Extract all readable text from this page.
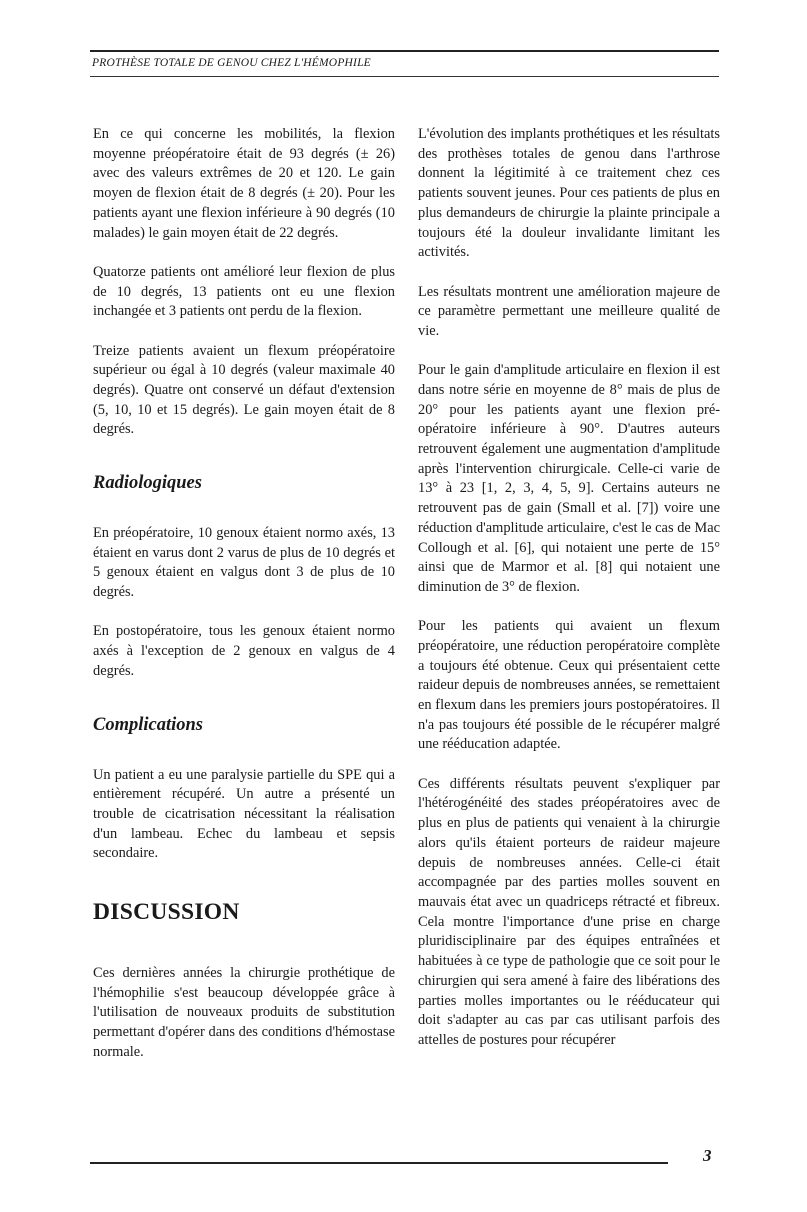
PROTHÈSE TOTALE DE GENOU CHEZ L'HÉMOPHILE

En ce qui concerne les mobilités, la flexion moyenne préopératoire était de 93 degrés (± 26) avec des valeurs extrêmes de 20 et 120. Le gain moyen de flexion était de 8 degrés (± 20). Pour les patients ayant une flexion inférieure à 90 degrés (10 malades) le gain moyen était de 22 degrés.

Quatorze patients ont amélioré leur flexion de plus de 10 degrés, 13 patients ont eu une flexion inchangée et 3 patients ont perdu de la flexion.

Treize patients avaient un flexum préopératoire supérieur ou égal à 10 degrés (valeur maximale 40 degrés). Quatre ont conservé un défaut d'extension (5, 10, 10 et 15 degrés). Le gain moyen était de 8 degrés.

Radiologiques

En préopératoire, 10 genoux étaient normo axés, 13 étaient en varus dont 2 varus de plus de 10 degrés et 5 genoux étaient en valgus dont 3 de plus de 10 degrés.

En postopératoire, tous les genoux étaient normo axés à l'exception de 2 genoux en valgus de 4 degrés.

Complications

Un patient a eu une paralysie partielle du SPE qui a entièrement récupéré. Un autre a présenté un trouble de cicatrisation nécessitant la réalisation d'un lambeau. Echec du lambeau et sepsis secondaire.

DISCUSSION

Ces dernières années la chirurgie prothétique de l'hémophilie s'est beaucoup développée grâce à l'utilisation de nouveaux produits de substitution permettant d'opérer dans des conditions d'hémostase normale.

L'évolution des implants prothétiques et les résultats des prothèses totales de genou dans l'arthrose donnent la légitimité à ce traitement chez ces patients souvent jeunes. Pour ces patients de plus en plus demandeurs de chirurgie la plainte principale a toujours été la douleur invalidante limitant les activités.

Les résultats montrent une amélioration majeure de ce paramètre permettant une meilleure qualité de vie.

Pour le gain d'amplitude articulaire en flexion il est dans notre série en moyenne de 8° mais de plus de 20° pour les patients ayant une flexion pré-opératoire inférieure à 90°. D'autres auteurs retrouvent également une augmentation d'amplitude après l'intervention chirurgicale. Celle-ci varie de 13° à 23 [1, 2, 3, 4, 5, 9]. Certains auteurs ne retrouvent pas de gain (Small et al. [7]) voire une réduction d'amplitude articulaire, c'est le cas de Mac Collough et al. [6], qui notaient une perte de 15° ainsi que de Marmor et al. [8] qui notaient une diminution de 3° de flexion.

Pour les patients qui avaient un flexum préopératoire, une réduction peropératoire complète a toujours été obtenue. Ceux qui présentaient cette raideur depuis de nombreuses années, se remettaient en flexum dans les premiers jours postopératoires. Il n'a pas toujours été possible de le récupérer malgré une rééducation adaptée.

Ces différents résultats peuvent s'expliquer par l'hétérogénéité des stades préopératoires avec de plus en plus de patients qui venaient à la chirurgie alors qu'ils étaient porteurs de raideur majeure depuis de nombreuses années. Celle-ci était accompagnée par des parties molles souvent en mauvais état avec un quadriceps rétracté et fibreux. Cela montre l'importance d'une prise en charge pluridisciplinaire par des équipes entraînées et habituées à ce type de pathologie que ce soit pour le chirurgien qui sera amené à faire des libérations des parties molles importantes ou le rééducateur qui doit s'adapter au cas par cas utilisant parfois des attelles de postures pour récupérer

3
